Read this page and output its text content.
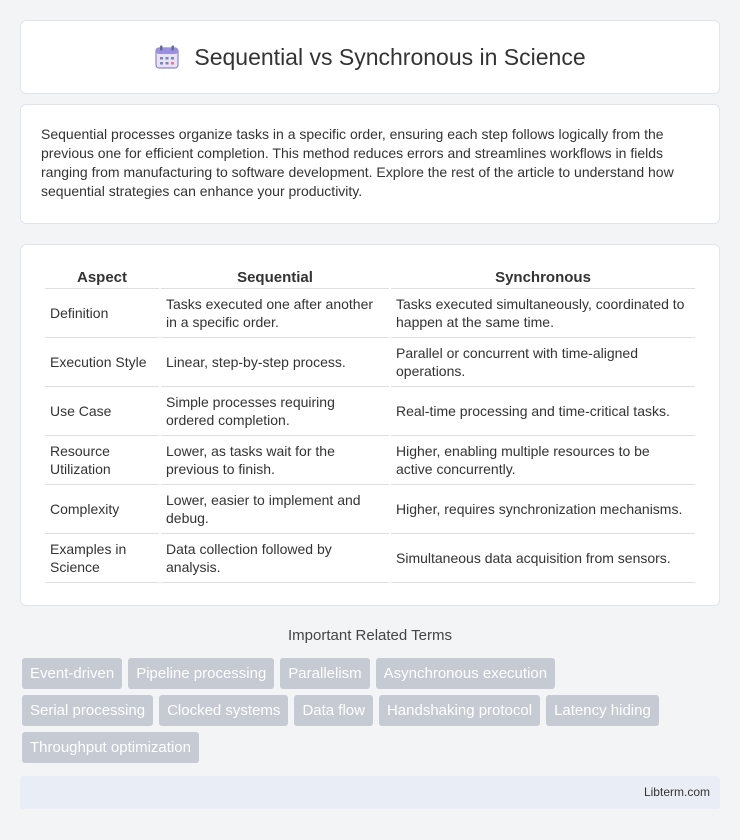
Sequential vs Synchronous in Science

Sequential processes organize tasks in a specific order, ensuring each step follows logically from the previous one for efficient completion. This method reduces errors and streamlines workflows in fields ranging from manufacturing to software development. Explore the rest of the article to understand how sequential strategies can enhance your productivity.

Aspect	Sequential	Synchronous
Definition	Tasks executed one after another in a specific order.	Tasks executed simultaneously, coordinated to happen at the same time.
Execution Style	Linear, step-by-step process.	Parallel or concurrent with time-aligned operations.
Use Case	Simple processes requiring ordered completion.	Real-time processing and time-critical tasks.
Resource Utilization	Lower, as tasks wait for the previous to finish.	Higher, enabling multiple resources to be active concurrently.
Complexity	Lower, easier to implement and debug.	Higher, requires synchronization mechanisms.
Examples in Science	Data collection followed by analysis.	Simultaneous data acquisition from sensors.
Important Related Terms
Event-driven	Pipeline processing	Parallelism	Asynchronous execution
Serial processing	Clocked systems	Data flow	Handshaking protocol	Latency hiding
Throughput optimization
Libterm.com
